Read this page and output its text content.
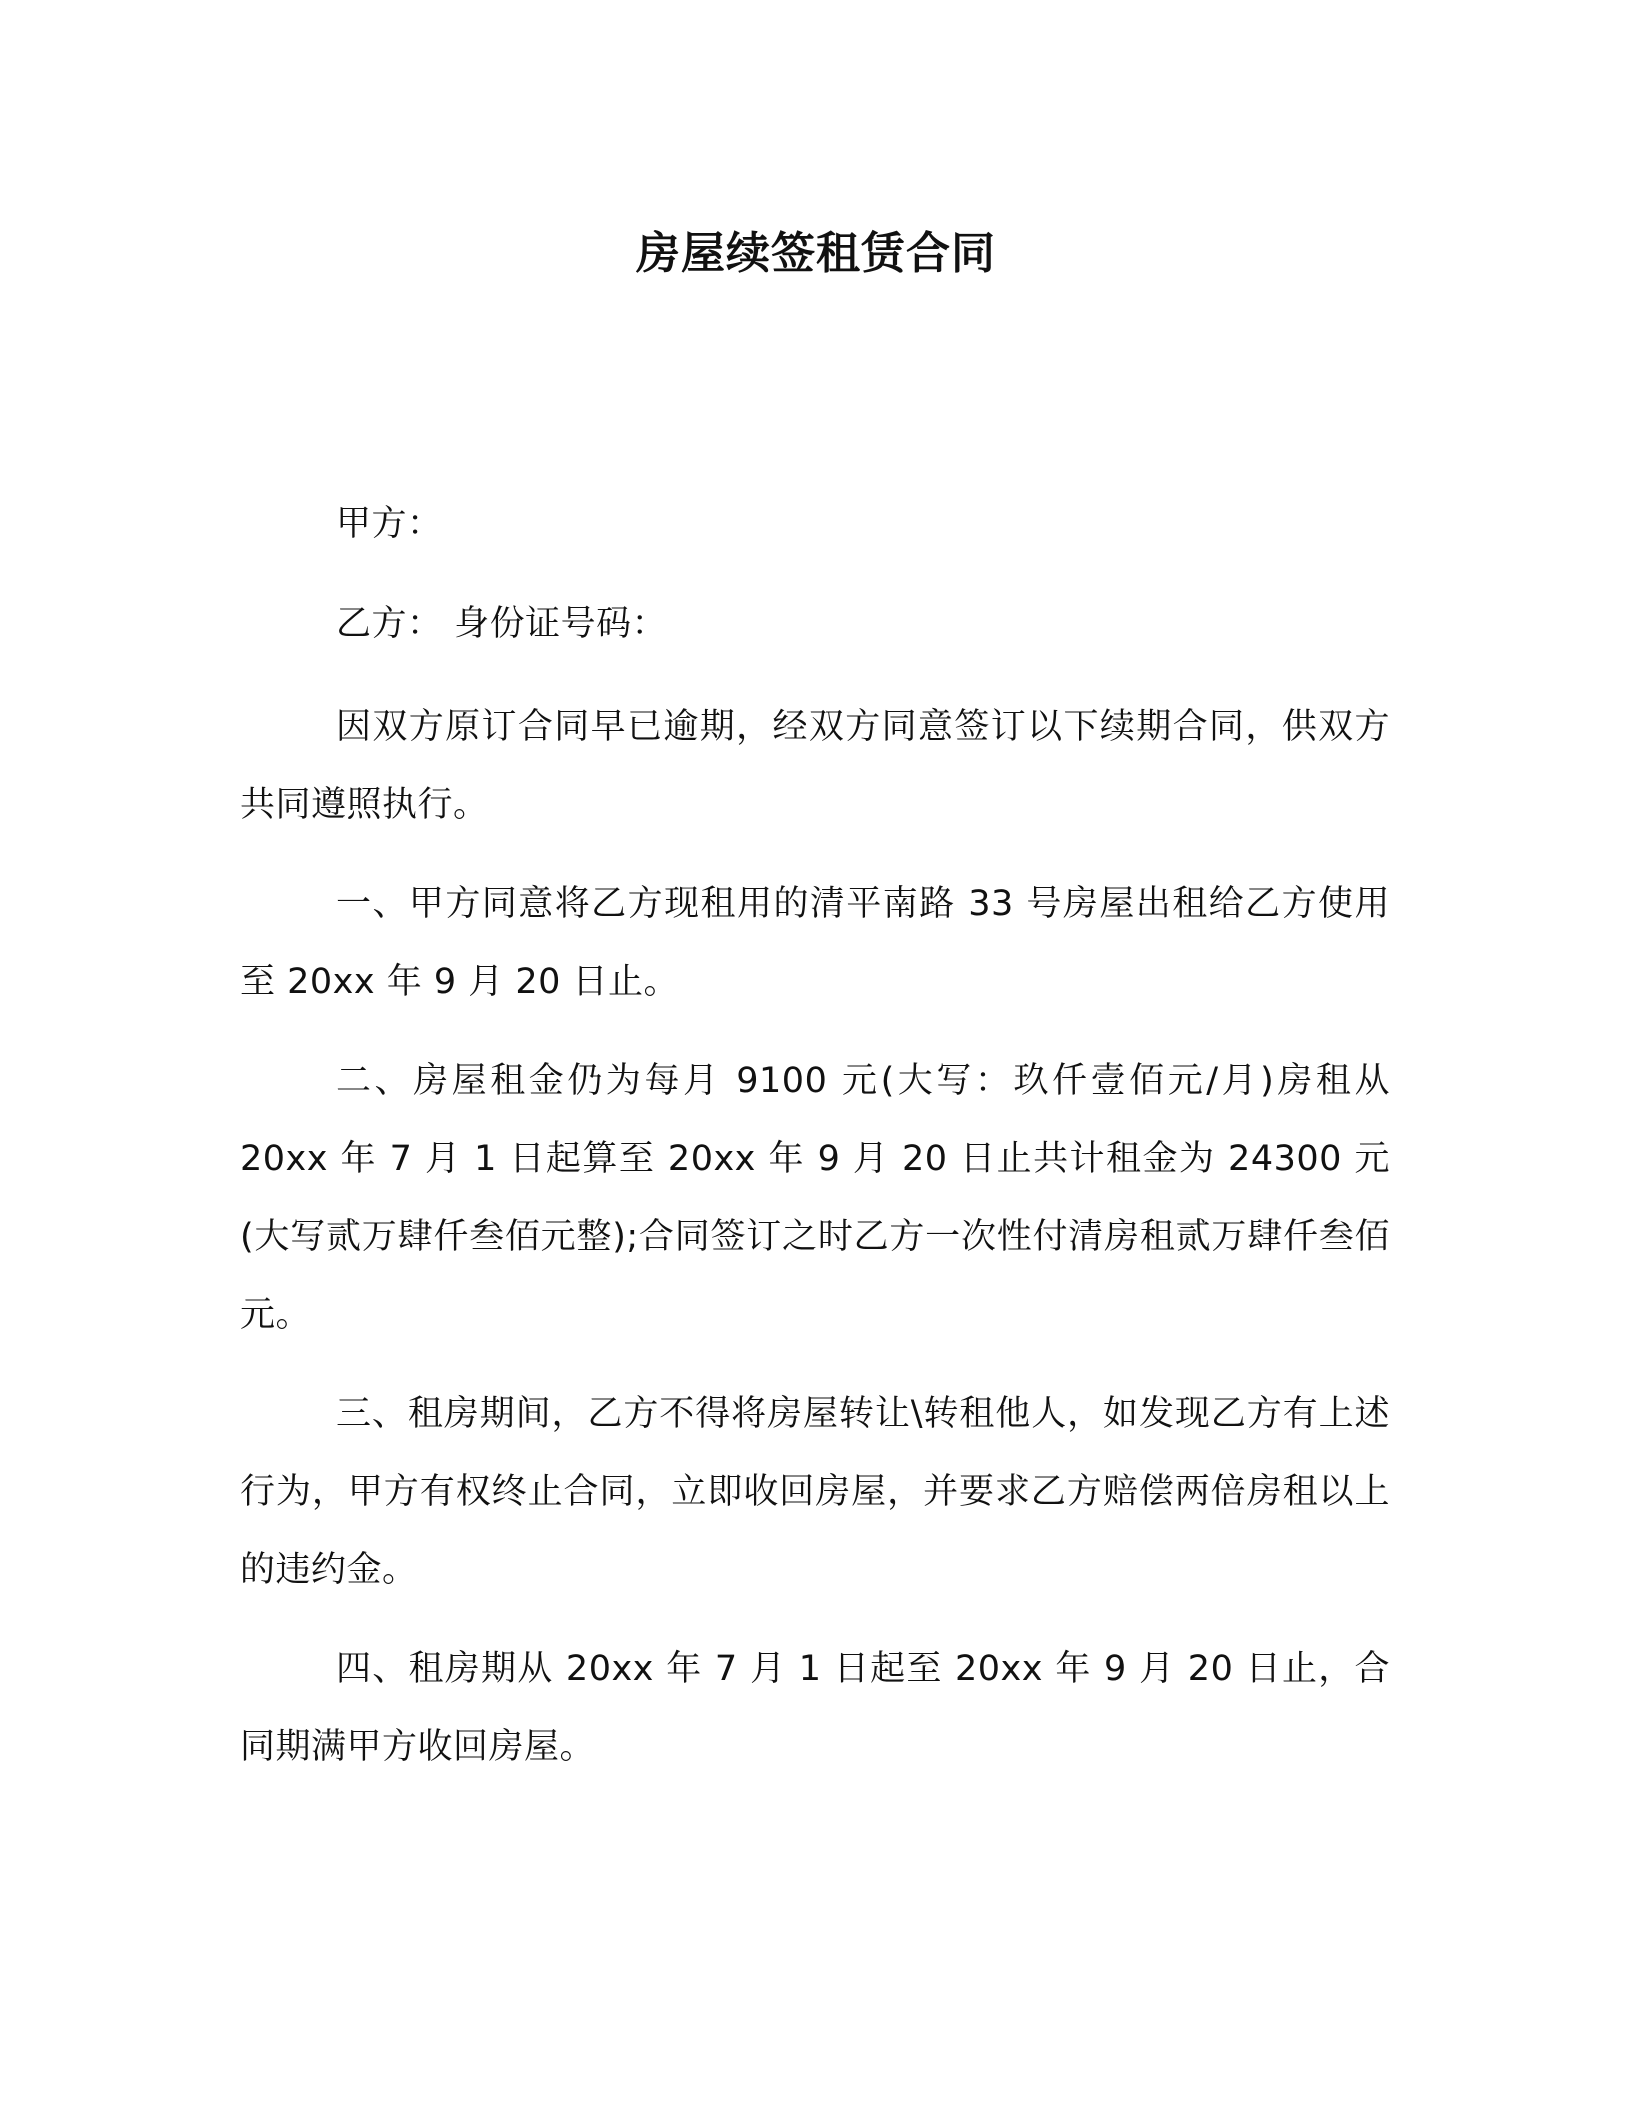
房屋续签租赁合同

甲方：

乙方： 身份证号码：

因双方原订合同早已逾期，经双方同意签订以下续期合同，供双方共同遵照执行。

一、甲方同意将乙方现租用的清平南路 33 号房屋出租给乙方使用至 20xx 年 9 月 20 日止。

二、房屋租金仍为每月 9100 元(大写：玖仟壹佰元/月)房租从 20xx 年 7 月 1 日起算至 20xx 年 9 月 20 日止共计租金为 24300 元(大写贰万肆仟叁佰元整);合同签订之时乙方一次性付清房租贰万肆仟叁佰元。

三、租房期间，乙方不得将房屋转让\转租他人，如发现乙方有上述行为，甲方有权终止合同，立即收回房屋，并要求乙方赔偿两倍房租以上的违约金。

四、租房期从 20xx 年 7 月 1 日起至 20xx 年 9 月 20 日止，合同期满甲方收回房屋。
